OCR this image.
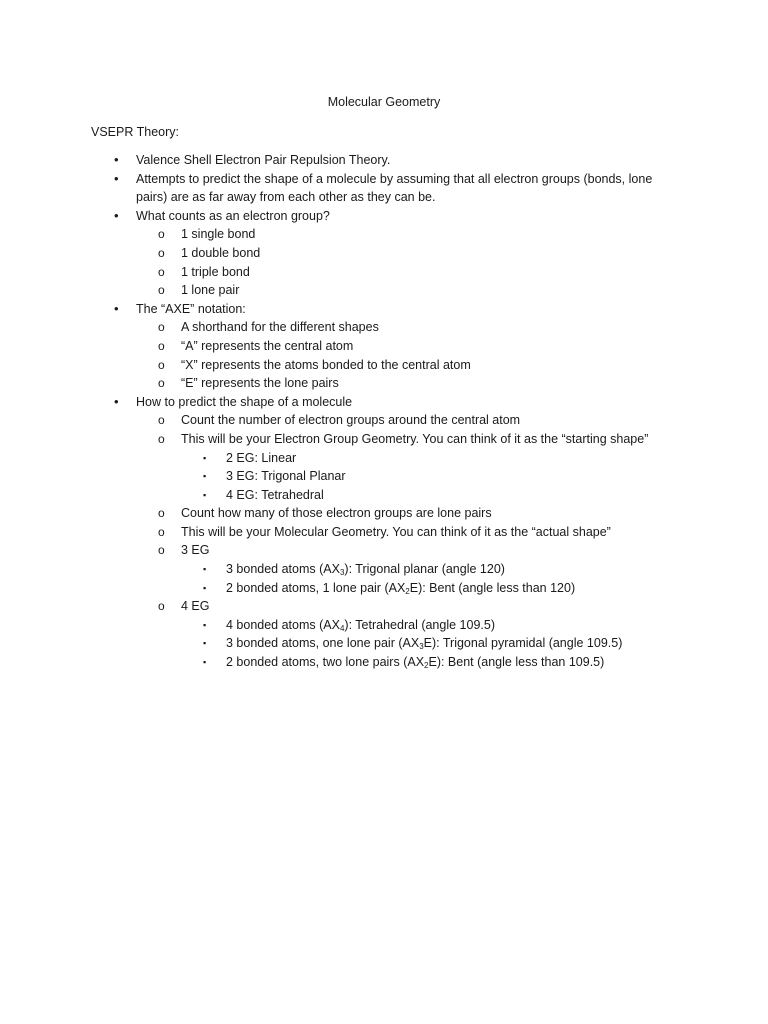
Molecular Geometry
VSEPR Theory:
• Valence Shell Electron Pair Repulsion Theory.
• Attempts to predict the shape of a molecule by assuming that all electron groups (bonds, lone
pairs) are as far away from each other as they can be.
• What counts as an electron group?
o 1 single bond
o 1 double bond
o 1 triple bond
o 1 lone pair
• The “AXE” notation:
o A shorthand for the different shapes
o “A” represents the central atom
o “X” represents the atoms bonded to the central atom
o “E” represents the lone pairs
• How to predict the shape of a molecule
o Count the number of electron groups around the central atom
o This will be your Electron Group Geometry. You can think of it as the “starting shape”
▪ 2 EG: Linear
▪ 3 EG: Trigonal Planar
▪ 4 EG: Tetrahedral
o Count how many of those electron groups are lone pairs
o This will be your Molecular Geometry. You can think of it as the “actual shape”
o 3 EG
▪ 3 bonded atoms $(AX_3)$: Trigonal planar (angle 120)
▪ 2 bonded atoms, 1 lone pair $(AX_2E)$: Bent (angle less than 120)
o 4 EG
▪ 4 bonded atoms $(AX_4)$: Tetrahedral (angle 109.5)
▪ 3 bonded atoms, one lone pair $(AX_3E)$: Trigonal pyramidal (angle 109.5)
▪ 2 bonded atoms, two lone pairs $(AX_2E)$: Bent (angle less than 109.5)
